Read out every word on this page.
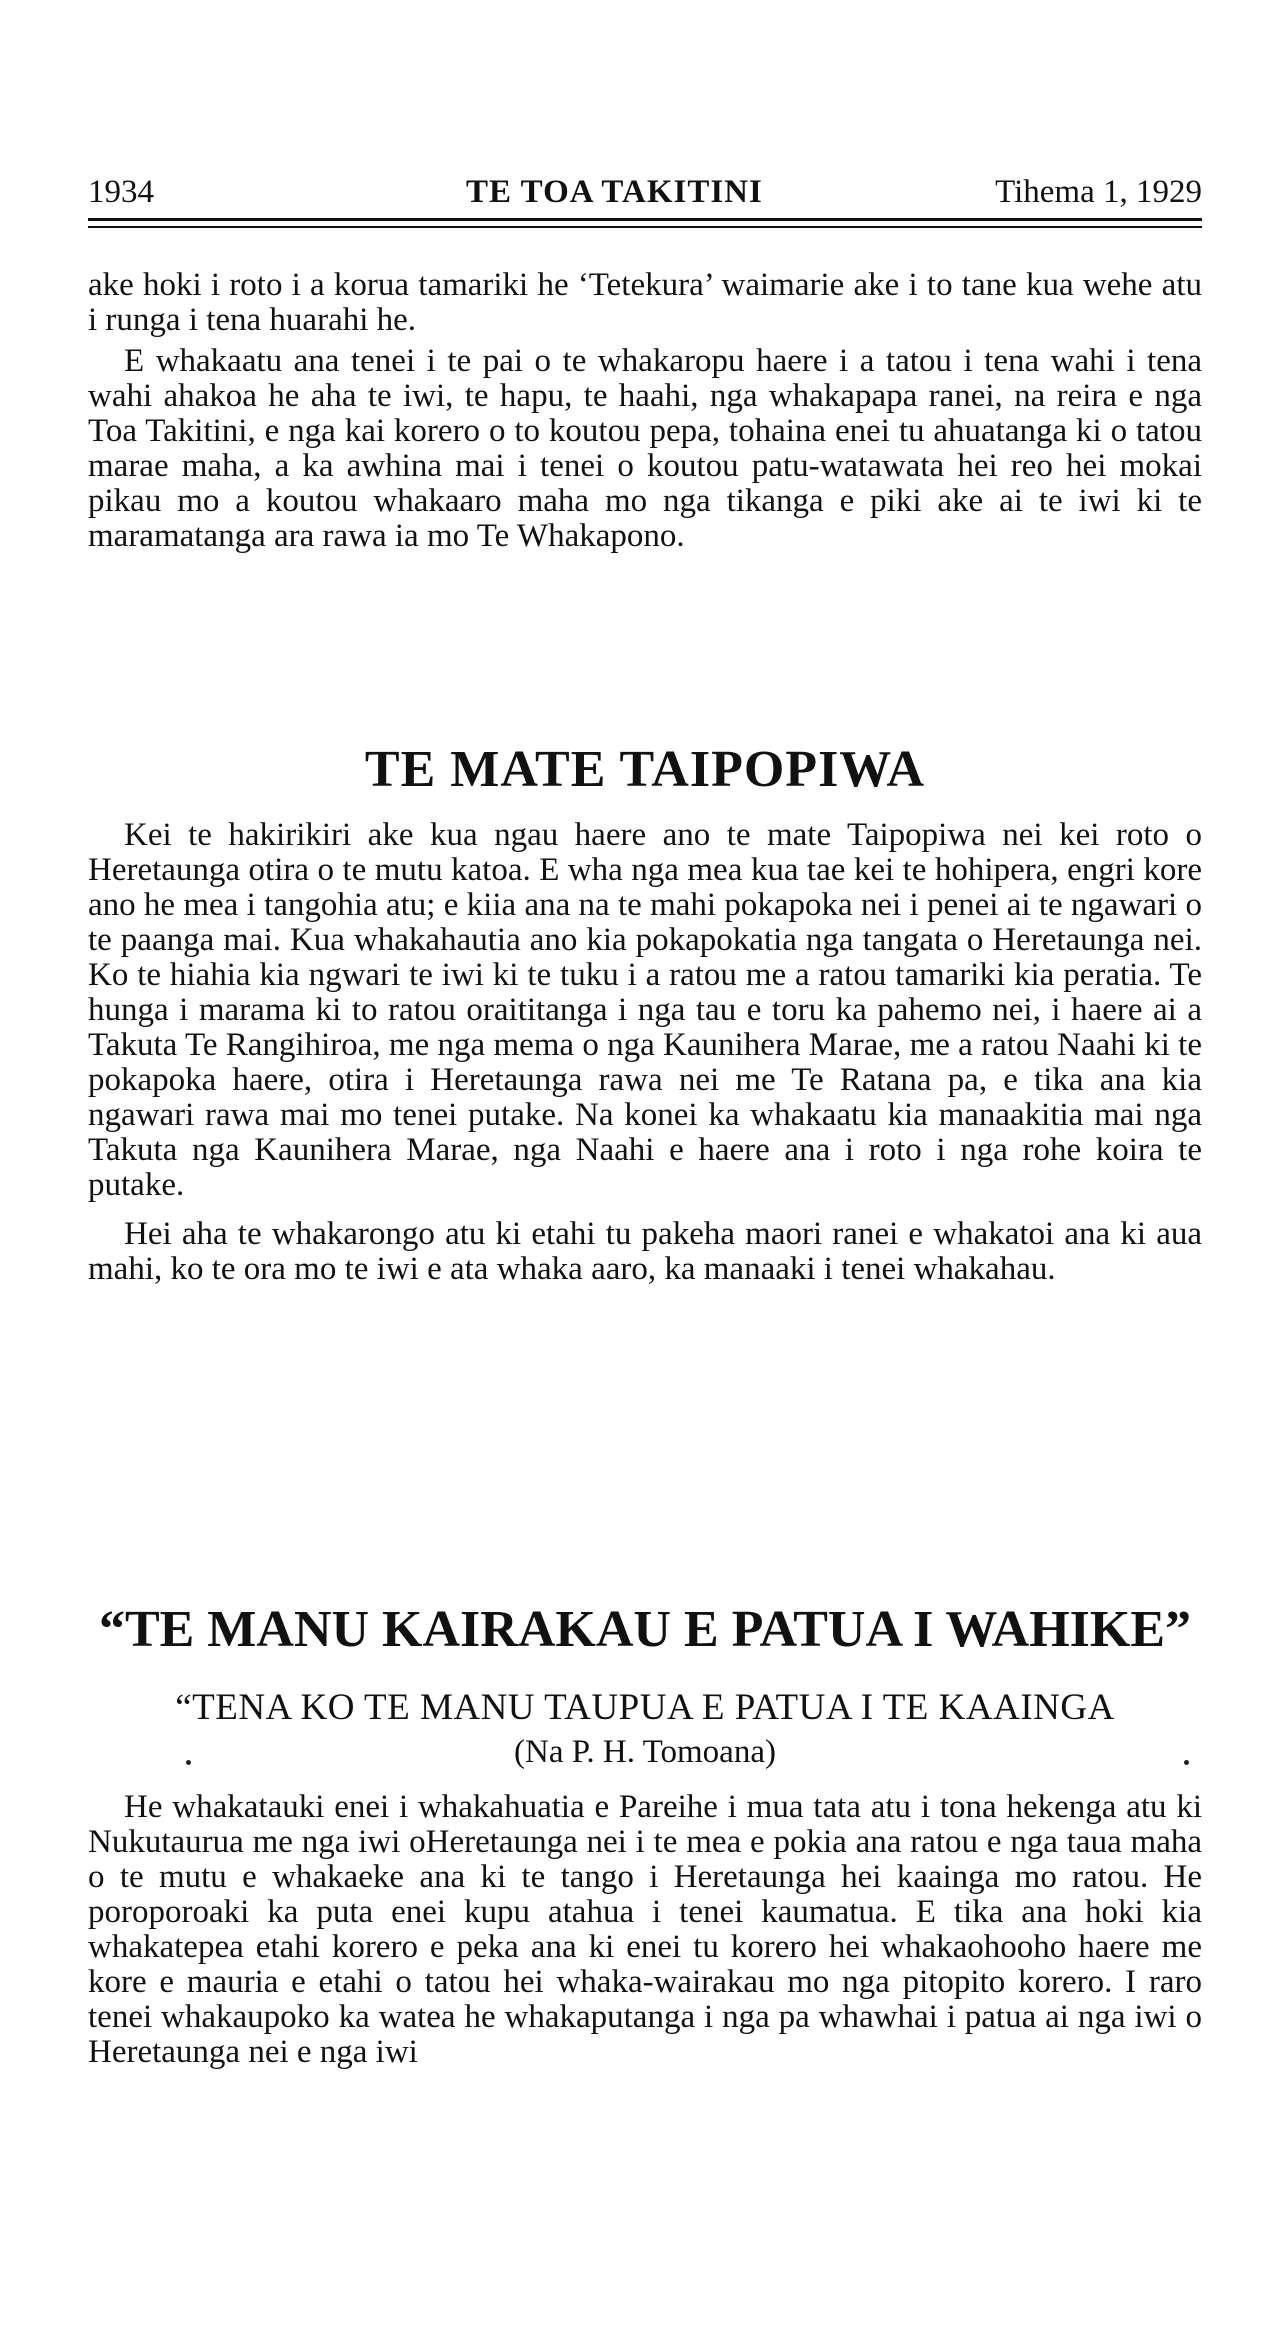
1934	TE TOA TAKITINI	Tihema 1, 1929

ake hoki i roto i a korua tamariki he ‘Tetekura’ waimarie ake i to tane kua wehe atu i runga i tena huarahi he.

E whakaatu ana tenei i te pai o te whakaropu haere i a tatou i tena wahi i tena wahi ahakoa he aha te iwi, te hapu, te haahi, nga whakapapa ranei, na reira e nga Toa Takitini, e nga kai korero o to koutou pepa, tohaina enei tu ahuatanga ki o tatou marae maha, a ka awhina mai i tenei o koutou patu-watawata hei reo hei mokai pikau mo a koutou whakaaro maha mo nga tikanga e piki ake ai te iwi ki te maramatanga ara rawa ia mo Te Whakapono.

TE MATE TAIPOPIWA

Kei te hakirikiri ake kua ngau haere ano te mate Taipopiwa nei kei roto o Heretaunga otira o te mutu katoa. E wha nga mea kua tae kei te hohipera, engri kore ano he mea i tangohia atu; e kiia ana na te mahi pokapoka nei i penei ai te ngawari o te paanga mai. Kua whakahautia ano kia pokapokatia nga tangata o Heretaunga nei. Ko te hiahia kia ngwari te iwi ki te tuku i a ratou me a ratou tamariki kia peratia. Te hunga i marama ki to ratou oraititanga i nga tau e toru ka pahemo nei, i haere ai a Takuta Te Rangihiroa, me nga mema o nga Kaunihera Marae, me a ratou Naahi ki te pokapoka haere, otira i Heretaunga rawa nei me Te Ratana pa, e tika ana kia ngawari rawa mai mo tenei putake. Na konei ka whakaatu kia manaakitia mai nga Takuta nga Kaunihera Marae, nga Naahi e haere ana i roto i nga rohe koira te putake.

Hei aha te whakarongo atu ki etahi tu pakeha maori ranei e whakatoi ana ki aua mahi, ko te ora mo te iwi e ata whaka aaro, ka manaaki i tenei whakahau.

“TE MANU KAIRAKAU E PATUA I WAHIKE”
“TENA KO TE MANU TAUPUA E PATUA I TE KAAINGA
(Na P. H. Tomoana)

He whakatauki enei i whakahuatia e Pareihe i mua tata atu i tona hekenga atu ki Nukutaurua me nga iwi oHeretaunga nei i te mea e pokia ana ratou e nga taua maha o te mutu e whakaeke ana ki te tango i Heretaunga hei kaainga mo ratou. He poroporoaki ka puta enei kupu atahua i tenei kaumatua. E tika ana hoki kia whakatepea etahi korero e peka ana ki enei tu korero hei whakaohooho haere me kore e mauria e etahi o tatou hei whaka-wairakau mo nga pitopito korero. I raro tenei whakaupoko ka watea he whakaputanga i nga pa whawhai i patua ai nga iwi o Heretaunga nei e nga iwi
